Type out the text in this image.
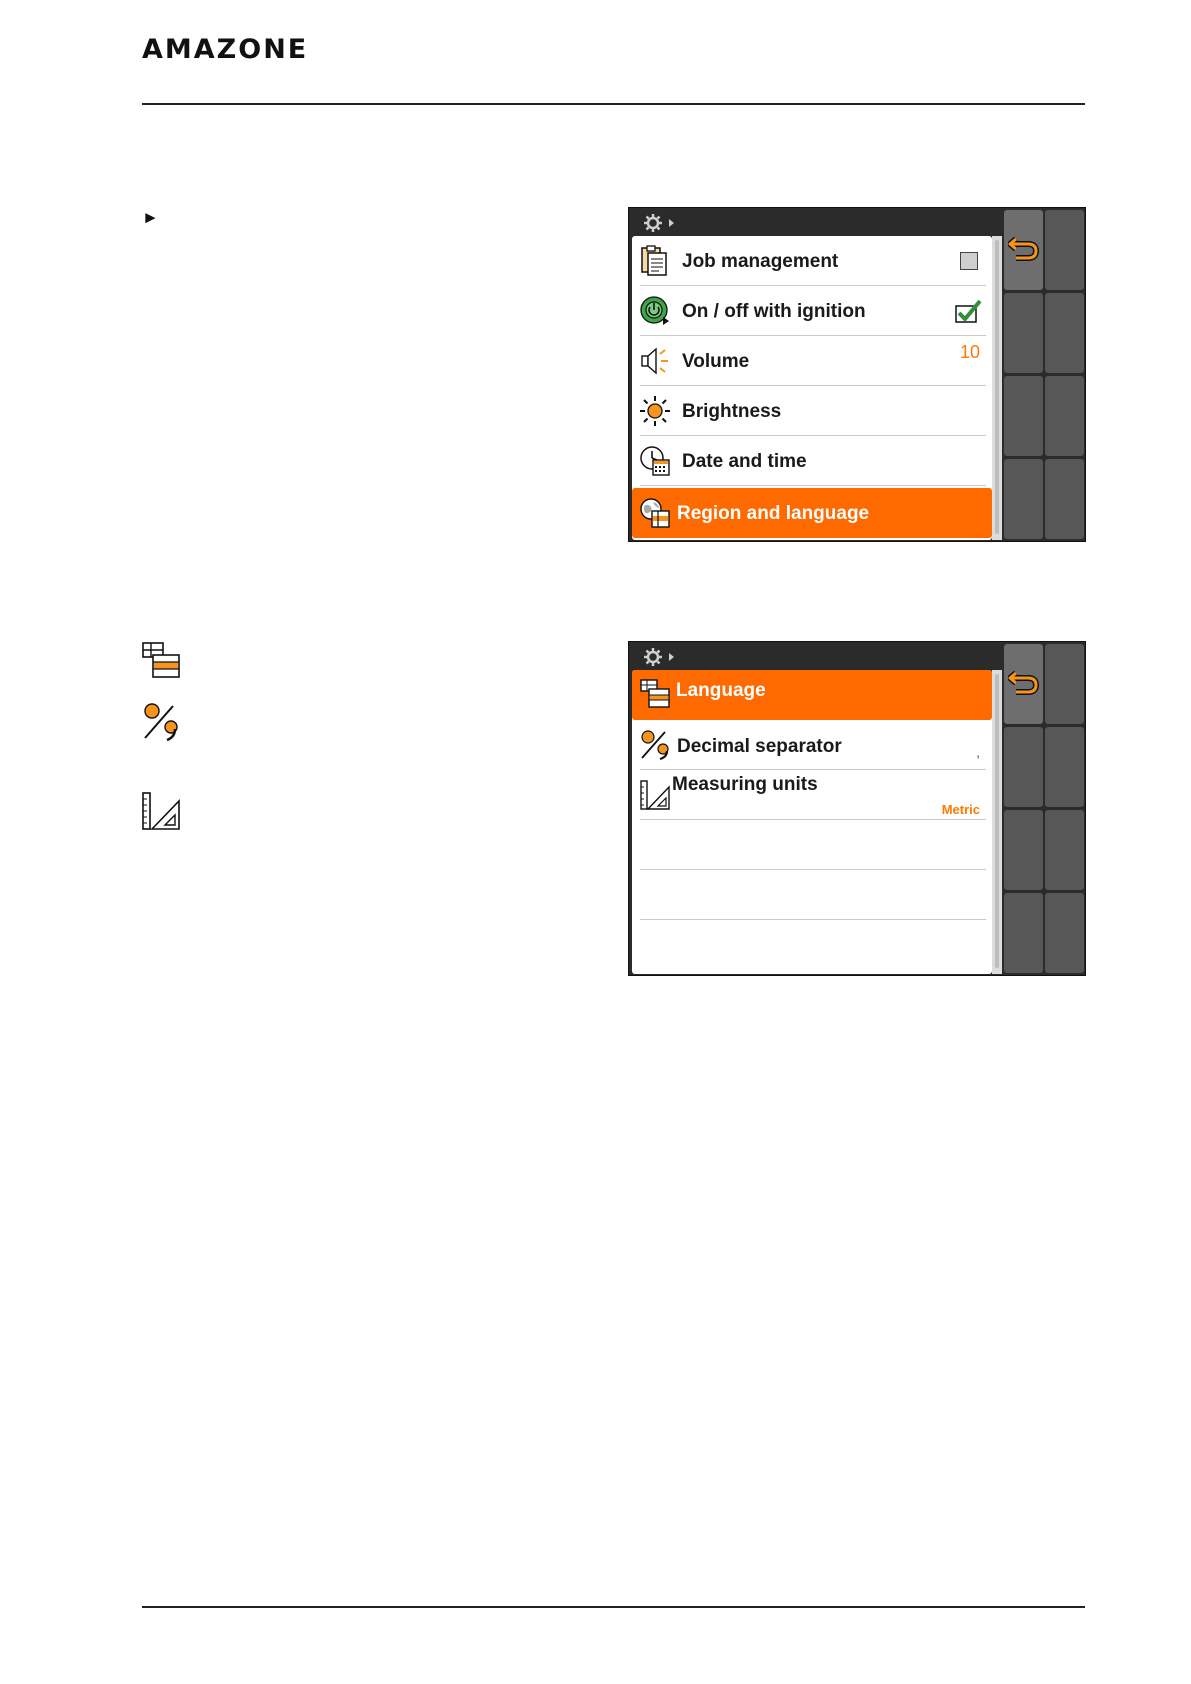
AMAZONE
►
Job management
On / off with ignition
Volume	10
Brightness
Date and time
Region and language
Language
Decimal separator	,
Measuring units
Metric
